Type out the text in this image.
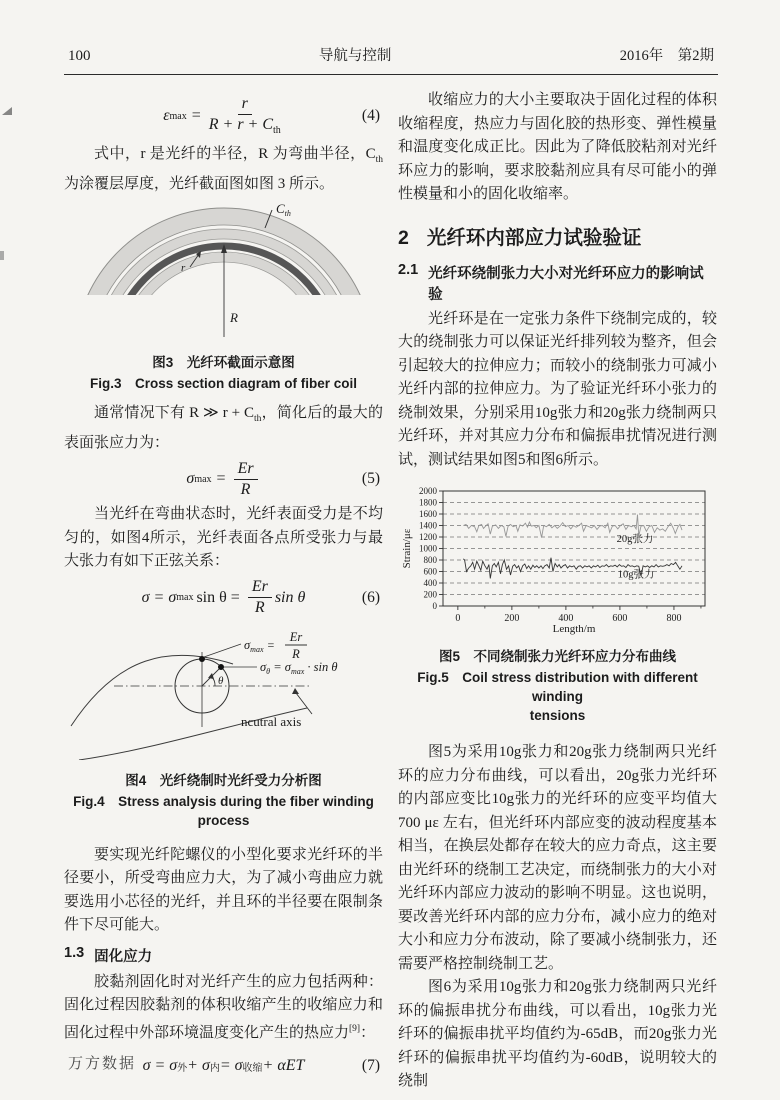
100	导航与控制	2016年　第2期
ε $\max = \frac{r}{R + r + C_{th}}$	(4)

式中，r 是光纤的半径，R 为弯曲半径，$C_{th}$为涂覆层厚度，光纤截面图如图 3 所示。

$C_{th}$
R
r
图3　光纤环截面示意图
Fig.3　Cross section diagram of fiber coil

通常情况下有 R ≫ $r + C_{th}$，简化后的最大的表面张应力为：

σ $\max = \frac{Er}{R}$	(5)

当光纤在弯曲状态时，光纤表面受力是不均匀的，如图4所示，光纤表面各点所受张力与最大张力有如下正弦关系：

σ = σ $\max \sin \theta = \frac{Er}{R}$ sin θ	(6)
θ
$\sigma_{max}$ =
Er
R
$\sigma_\theta = \sigma_{max} \cdot \sin \theta$
ncutral axis
图4　光纤绕制时光纤受力分析图
Fig.4　Stress analysis during the fiber winding process

要实现光纤陀螺仪的小型化要求光纤环的半径要小，所受弯曲应力大，为了减小弯曲应力就要选用小芯径的光纤，并且环的半径要在限制条件下尽可能大。

1.3 固化应力

胶黏剂固化时对光纤产生的应力包括两种：固化过程因胶黏剂的体积收缩产生的收缩应力和固化过程中外部环境温度变化产生的热应力[9]：

σ = σ 外 + σ 内 = σ 收缩 + αET	(7)

收缩应力的大小主要取决于固化过程的体积收缩程度，热应力与固化胶的热形变、弹性模量和温度变化成正比。因此为了降低胶粘剂对光纤环应力的影响，要求胶黏剂应具有尽可能小的弹性模量和小的固化收缩率。

2 光纤环内部应力试验验证
2.1 光纤环绕制张力大小对光纤环应力的影响试验

光纤环是在一定张力条件下绕制完成的，较大的绕制张力可以保证光纤排列较为整齐，但会引起较大的拉伸应力；而较小的绕制张力可减小光纤内部的拉伸应力。为了验证光纤环小张力的绕制效果，分别采用10g张力和20g张力绕制两只光纤环，并对其应力分布和偏振串扰情况进行测试，测试结果如图5和图6所示。

0
200
400
600
800
1000
1200
1400
1600
1800
2000
0	200	400	600	800
20g张力
10g张力
Length/m
Strain/με
图5　不同绕制张力光纤环应力分布曲线
Fig.5　Coil stress distribution with different winding
tensions

图5为采用10g张力和20g张力绕制两只光纤环的应力分布曲线，可以看出，20g张力光纤环的内部应变比10g张力的光纤环的应变平均值大700 με 左右，但光纤环内部应变的波动程度基本相当，在换层处都存在较大的应力奇点，这主要由光纤环的绕制工艺决定，而绕制张力的大小对光纤环内部应力波动的影响不明显。这也说明，要改善光纤环内部的应力分布，减小应力的绝对大小和应力分布波动，除了要减小绕制张力，还需要严格控制绕制工艺。

图6为采用10g张力和20g张力绕制两只光纤环的偏振串扰分布曲线，可以看出，10g张力光纤环的偏振串扰平均值约为-65dB，而20g张力光纤环的偏振串扰平均值约为-60dB，说明较大的绕制

万方数据
